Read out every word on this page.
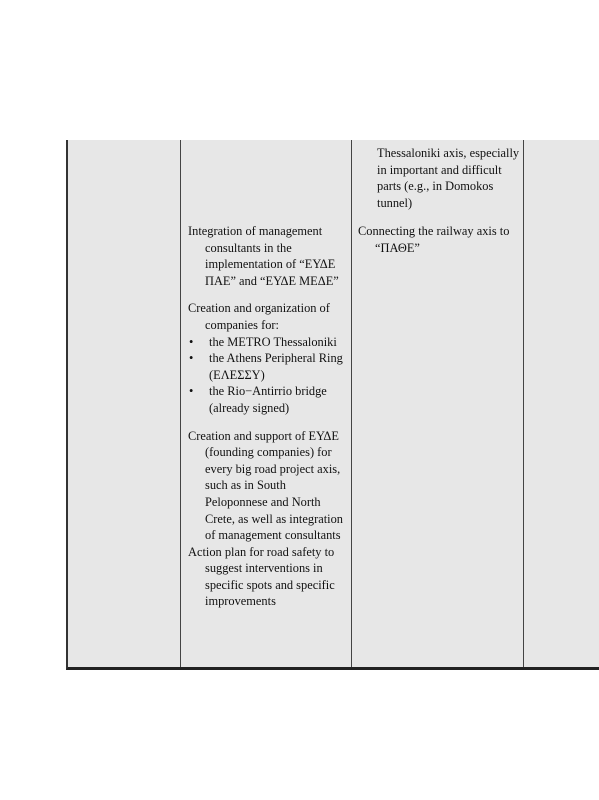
Thessaloniki axis, especially in important and difficult parts (e.g., in Domokos tunnel)

Connecting the railway axis to “ΠΑΘΕ”

Integration of management consultants in the implementation of “ΕΥΔΕ ΠΑΕ” and “ΕΥΔΕ ΜΕΔΕ”

Creation and organization of companies for:

• the METRO Thessaloniki
• the Athens Peripheral Ring (ΕΛΕΣΣΥ)
• the Rio−Antirrio bridge (already signed)

Creation and support of ΕΥΔΕ (founding companies) for every big road project axis, such as in South Peloponnese and North Crete, as well as integration of management consultants

Action plan for road safety to suggest interventions in specific spots and specific improvements
